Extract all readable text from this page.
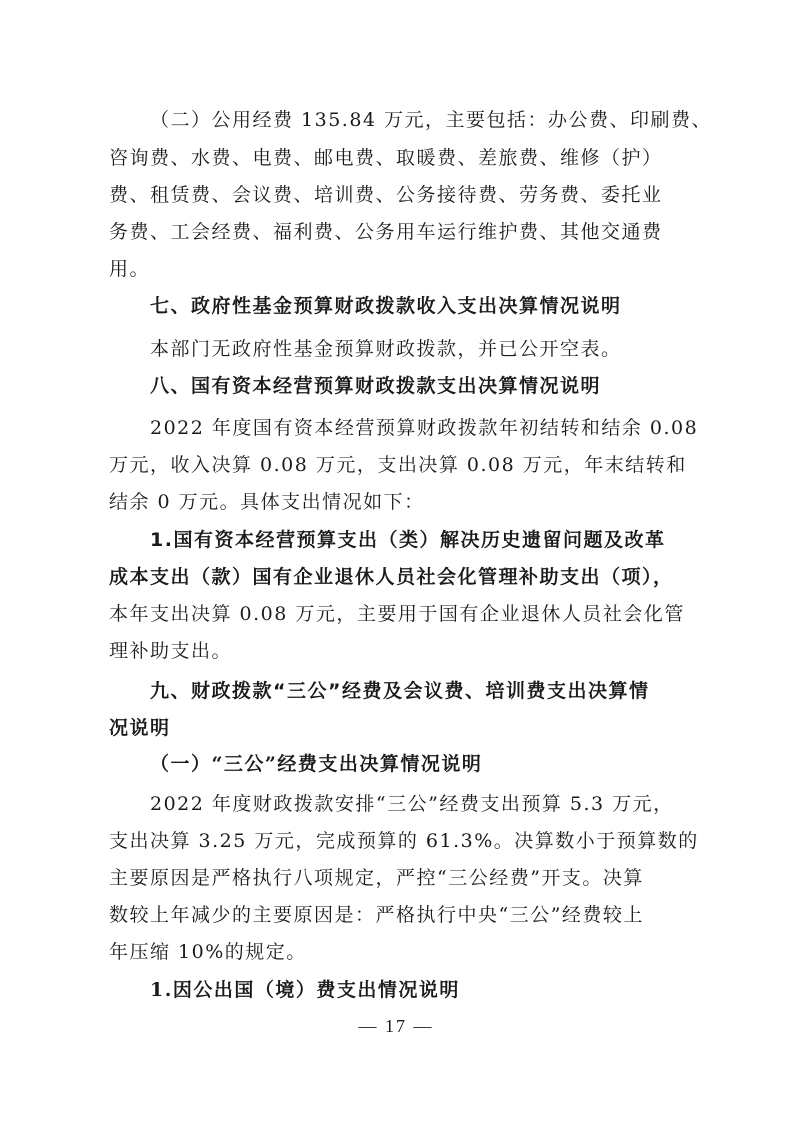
（二）公用经费 135.84 万元，主要包括：办公费、印刷费、
咨询费、水费、电费、邮电费、取暖费、差旅费、维修（护）
费、租赁费、会议费、培训费、公务接待费、劳务费、委托业
务费、工会经费、福利费、公务用车运行维护费、其他交通费
用。
七、政府性基金预算财政拨款收入支出决算情况说明
本部门无政府性基金预算财政拨款，并已公开空表。
八、国有资本经营预算财政拨款支出决算情况说明
2022 年度国有资本经营预算财政拨款年初结转和结余 0.08
万元，收入决算 0.08 万元，支出决算 0.08 万元，年末结转和
结余 0 万元。具体支出情况如下：
1.国有资本经营预算支出（类）解决历史遗留问题及改革
成本支出（款）国有企业退休人员社会化管理补助支出（项），
本年支出决算 0.08 万元，主要用于国有企业退休人员社会化管
理补助支出。
九、财政拨款“三公”经费及会议费、培训费支出决算情
况说明
（一）“三公”经费支出决算情况说明
2022 年度财政拨款安排“三公”经费支出预算 5.3 万元，
支出决算 3.25 万元，完成预算的 61.3%。决算数小于预算数的
主要原因是严格执行八项规定，严控“三公经费”开支。决算
数较上年减少的主要原因是：严格执行中央“三公”经费较上
年压缩 10%的规定。
1.因公出国（境）费支出情况说明
— 17 —
